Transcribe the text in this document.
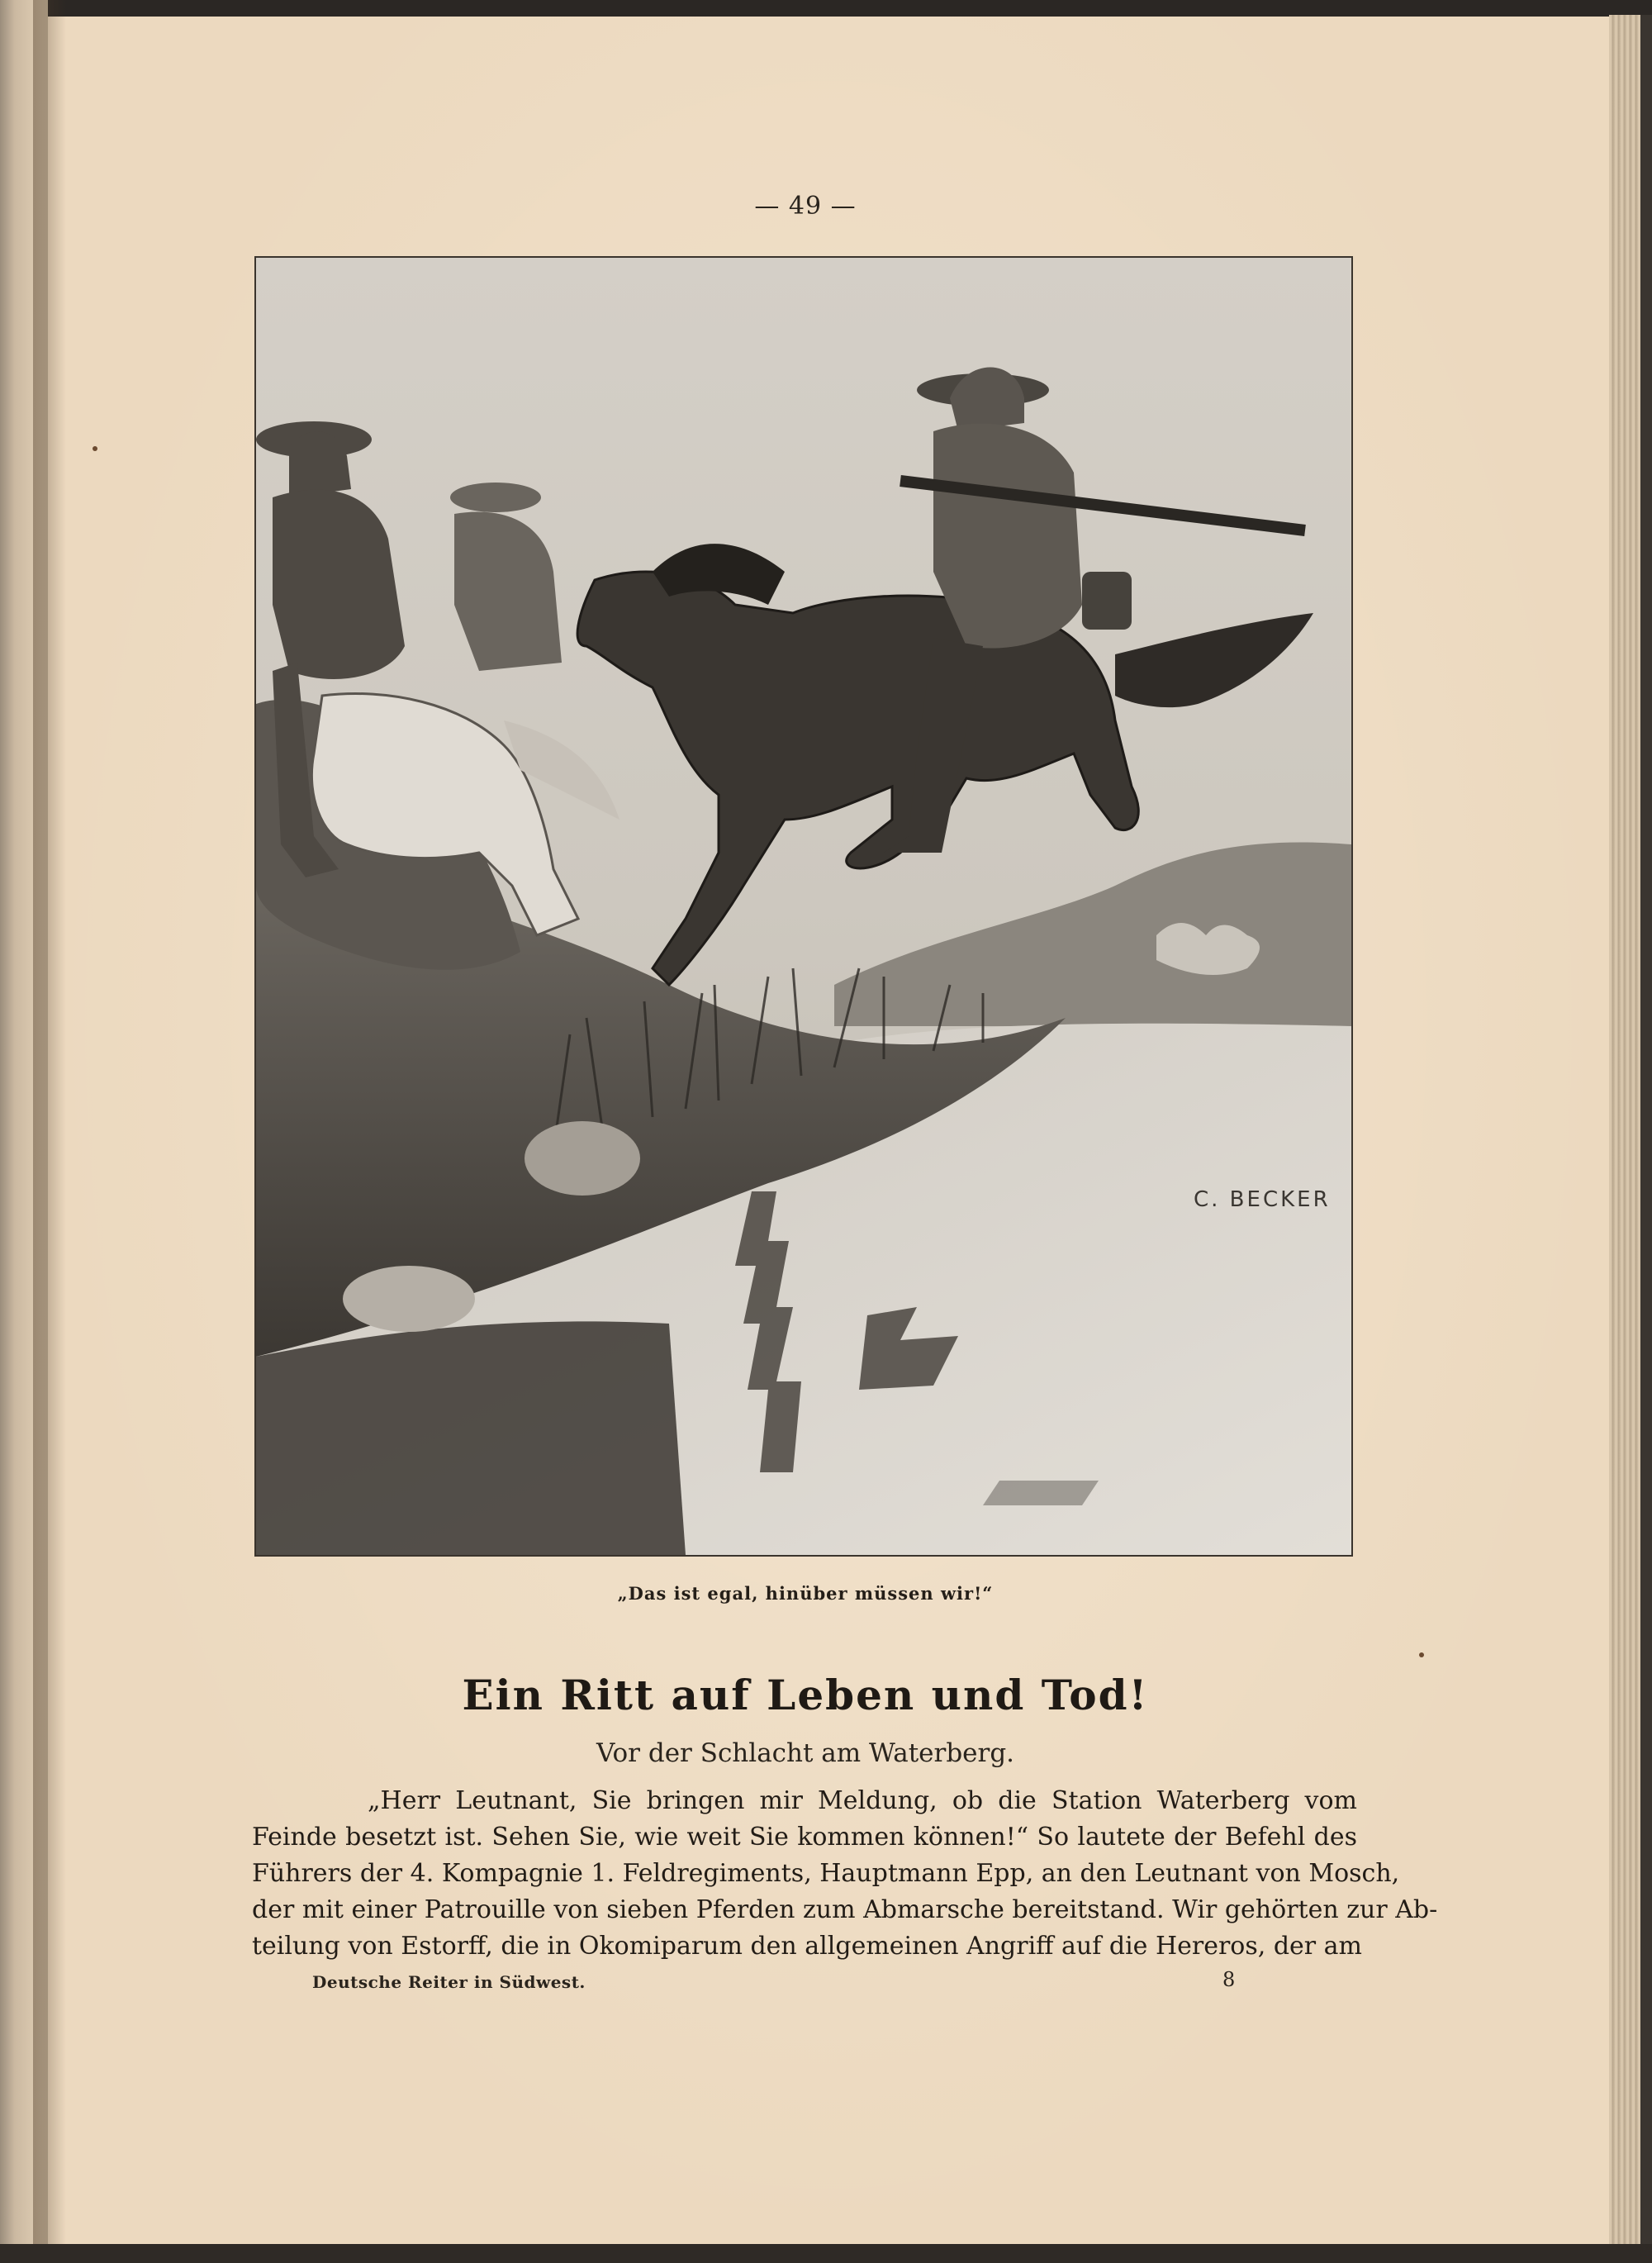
— 49 —
C. BECKER
„Das ist egal, hinüber müssen wir!“
Ein Ritt auf Leben und Tod!
Vor der Schlacht am Waterberg.
„Herr Leutnant, Sie bringen mir Meldung, ob die Station Waterberg vom
Feinde besetzt ist. Sehen Sie, wie weit Sie kommen können!“ So lautete der Befehl des
Führers der 4. Kompagnie 1. Feldregiments, Hauptmann Epp, an den Leutnant von Mosch,
der mit einer Patrouille von sieben Pferden zum Abmarsche bereitstand. Wir gehörten zur Ab-
teilung von Estorff, die in Okomiparum den allgemeinen Angriff auf die Hereros, der am
Deutsche Reiter in Südwest.	8
